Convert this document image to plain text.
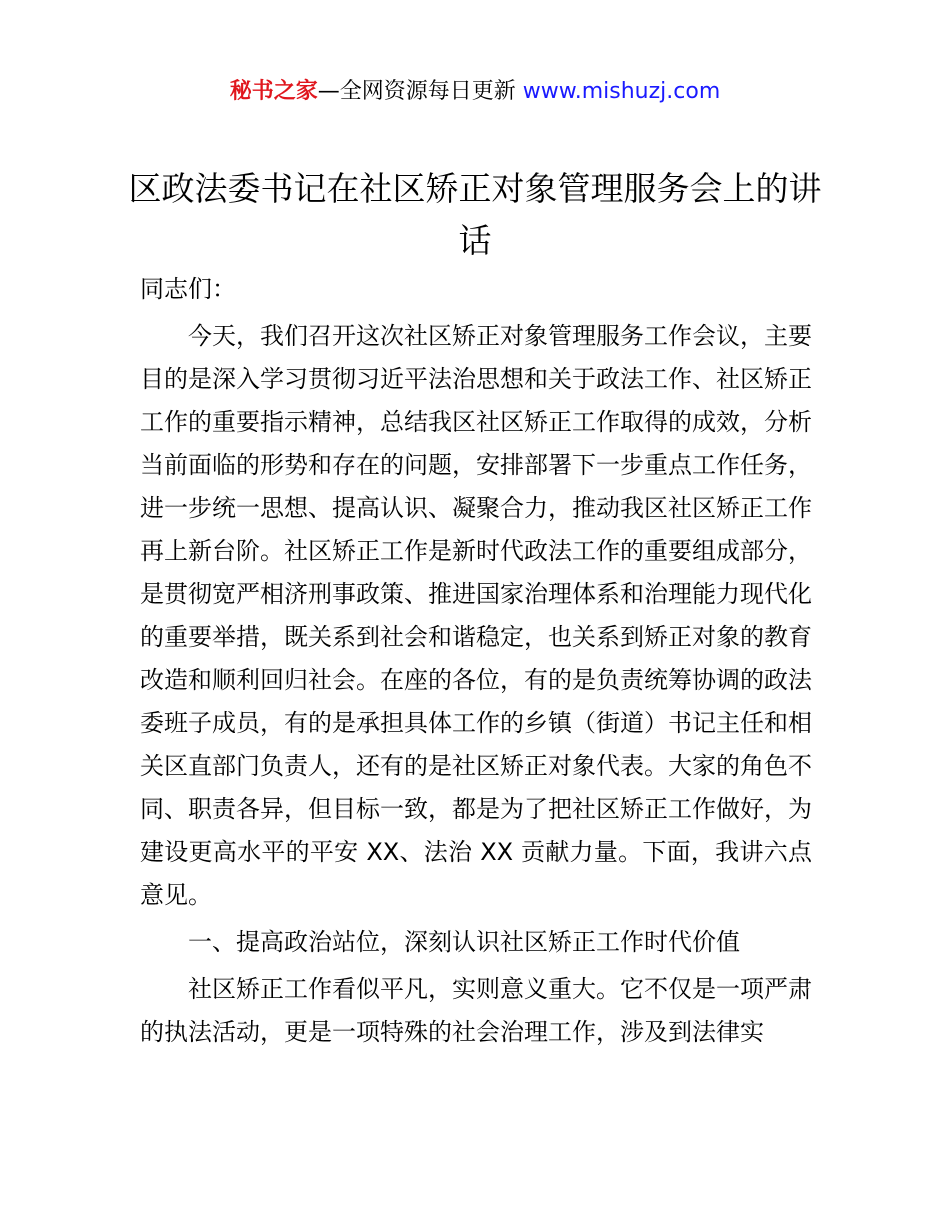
秘书之家—全网资源每日更新 www.mishuzj.com
区政法委书记在社区矫正对象管理服务会上的讲话

同志们：

今天，我们召开这次社区矫正对象管理服务工作会议，主要目的是深入学习贯彻习近平法治思想和关于政法工作、社区矫正工作的重要指示精神，总结我区社区矫正工作取得的成效，分析当前面临的形势和存在的问题，安排部署下一步重点工作任务，进一步统一思想、提高认识、凝聚合力，推动我区社区矫正工作再上新台阶。社区矫正工作是新时代政法工作的重要组成部分，是贯彻宽严相济刑事政策、推进国家治理体系和治理能力现代化的重要举措，既关系到社会和谐稳定，也关系到矫正对象的教育改造和顺利回归社会。在座的各位，有的是负责统筹协调的政法委班子成员，有的是承担具体工作的乡镇（街道）书记主任和相关区直部门负责人，还有的是社区矫正对象代表。大家的角色不同、职责各异，但目标一致，都是为了把社区矫正工作做好，为建设更高水平的平安 XX、法治 XX 贡献力量。下面，我讲六点意见。

一、提高政治站位，深刻认识社区矫正工作时代价值

社区矫正工作看似平凡，实则意义重大。它不仅是一项严肃的执法活动，更是一项特殊的社会治理工作，涉及到法律实
